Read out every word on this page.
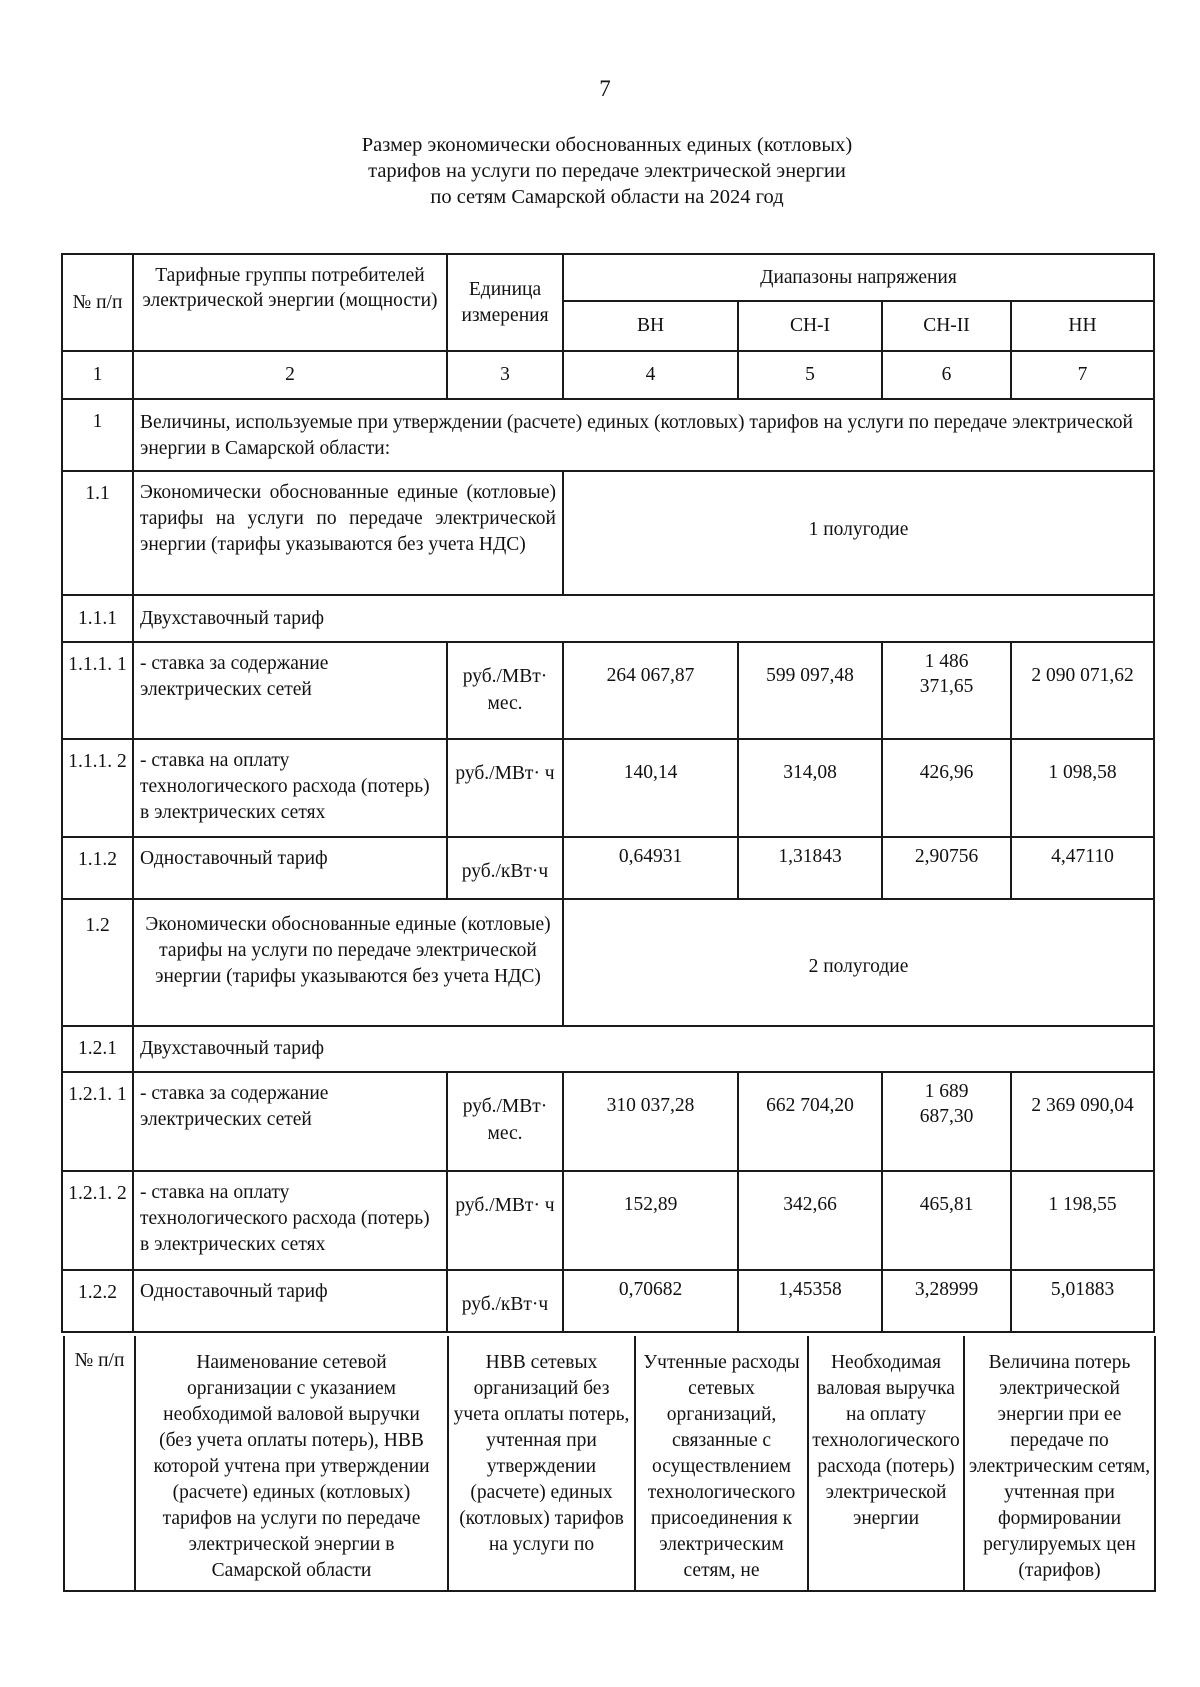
7
Размер экономически обоснованных единых (котловых)
тарифов на услуги по передаче электрической энергии
по сетям Самарской области на 2024 год
№ п/п	Тарифные группы потребителей электрической энергии (мощности)	Единица измерения	Диапазоны напряжения			
			ВН	СН-I	СН-II	НН
1	2	3	4	5	6	7
1	Величины, используемые при утверждении (расчете) единых (котловых) тарифов на услуги по передаче электрической энергии в Самарской области:					
1.1	Экономически обоснованные единые (котловые) тарифы на услуги по передаче электрической энергии (тарифы указываются без учета НДС)		1 полугодие			
1.1.1	Двухставочный тариф					
1.1.1. 1	- ставка за содержание электрических сетей	руб./МВт· мес.	264 067,87	599 097,48	1 486 371,65	2 090 071,62
1.1.1. 2	- ставка на оплату технологического расхода (потерь) в электрических сетях	руб./МВт· ч	140,14	314,08	426,96	1 098,58
1.1.2	Одноставочный тариф	руб./кВт·ч	0,64931	1,31843	2,90756	4,47110
1.2	Экономически обоснованные единые (котловые) тарифы на услуги по передаче электрической энергии (тарифы указываются без учета НДС)		2 полугодие			
1.2.1	Двухставочный тариф					
1.2.1. 1	- ставка за содержание электрических сетей	руб./МВт· мес.	310 037,28	662 704,20	1 689 687,30	2 369 090,04
1.2.1. 2	- ставка на оплату технологического расхода (потерь) в электрических сетях	руб./МВт· ч	152,89	342,66	465,81	1 198,55
1.2.2	Одноставочный тариф	руб./кВт·ч	0,70682	1,45358	3,28999	5,01883
№ п/п	Наименование сетевой организации с указанием необходимой валовой выручки (без учета оплаты потерь), НВВ которой учтена при утверждении (расчете) единых (котловых) тарифов на услуги по передаче электрической энергии в Самарской области	НВВ сетевых организаций без учета оплаты потерь, учтенная при утверждении (расчете) единых (котловых) тарифов на услуги по	Учтенные расходы сетевых организаций, связанные с осуществлением технологического присоединения к электрическим сетям, не	Необходимая валовая выручка на оплату технологического расхода (потерь) электрической энергии	Величина потерь электрической энергии при ее передаче по электрическим сетям, учтенная при формировании регулируемых цен (тарифов)
